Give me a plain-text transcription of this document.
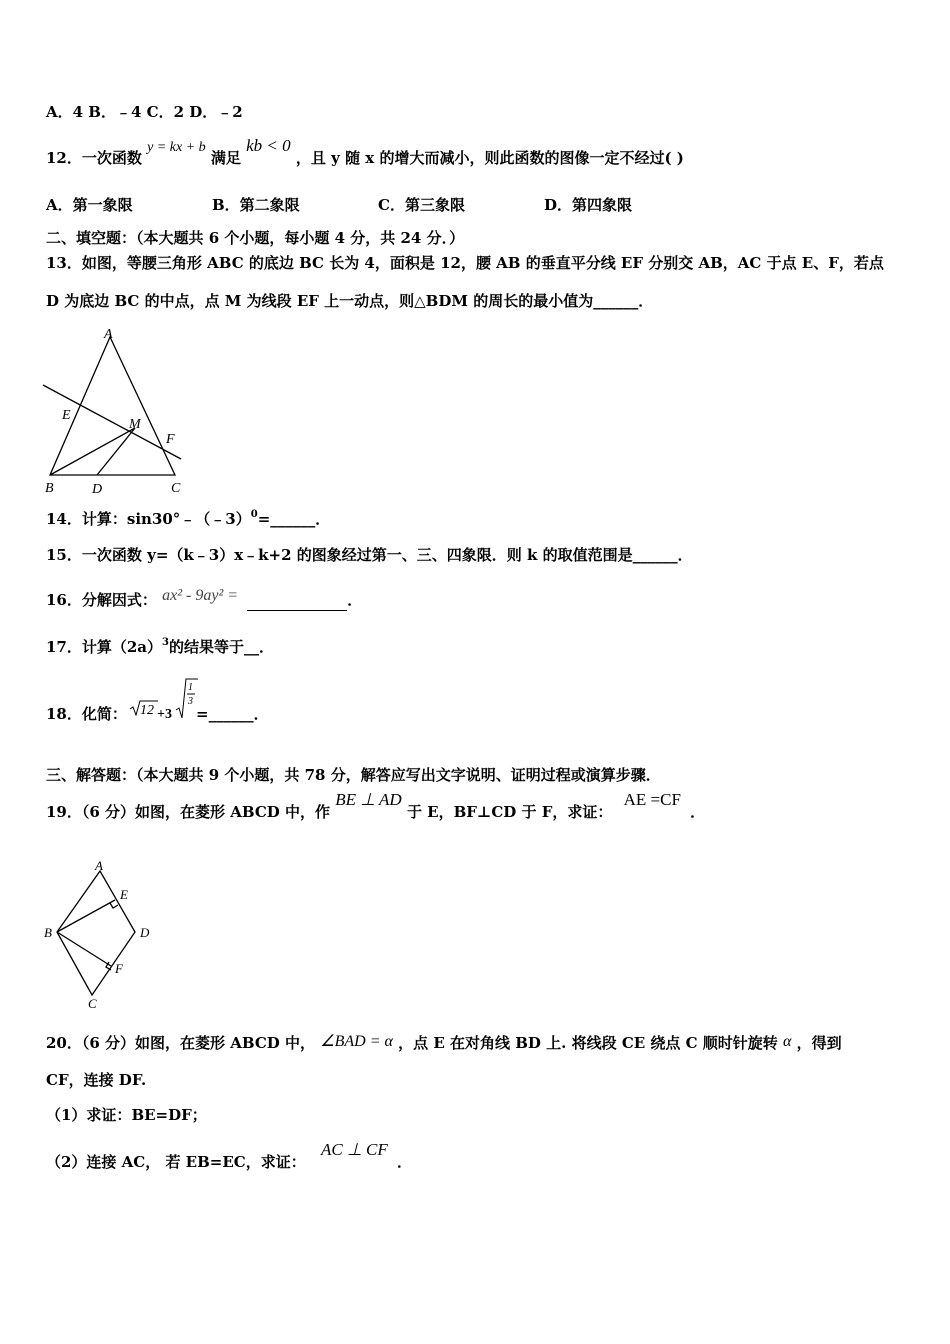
A．4 B．﹣4 C．2 D．﹣2
12．一次函数 y = kx + b 满足 kb < 0 ，且 y 随 x 的增大而减小，则此函数的图像一定不经过( )
A．第一象限	B．第二象限	C．第三象限	D．第四象限
二、填空题：（本大题共 6 个小题，每小题 4 分，共 24 分．）
13．如图，等腰三角形 ABC 的底边 BC 长为 4，面积是 12，腰 AB 的垂直平分线 EF 分别交 AB，AC 于点 E、F，若点
D 为底边 BC 的中点，点 M 为线段 EF 上一动点，则△BDM 的周长的最小值为______．
A
E
M
F
B	D	C
14．计算：sin30°﹣（﹣3）0=______．
15．一次函数 y=（k﹣3）x﹣k+2 的图象经过第一、三、四象限．则 k 的取值范围是______．
16．分解因式： ax² - 9ay² =	．
17．计算（2a）3的结果等于__．
18．化简： 12 +3
1
3
=______．
三、解答题：（本大题共 9 个小题，共 78 分，解答应写出文字说明、证明过程或演算步骤．
19．（6 分）如图，在菱形 ABCD 中，作 BE ⊥ AD 于 E，BF⊥CD 于 F，求证： AE =CF ．
A
E
B	D
F
C
20．（6 分）如图，在菱形 ABCD 中， ∠BAD = α ，点 E 在对角线 BD 上. 将线段 CE 绕点 C 顺时针旋转 α ，得到
CF，连接 DF.
（1）求证：BE=DF；
（2）连接 AC， 若 EB=EC，求证： AC ⊥ CF ．
